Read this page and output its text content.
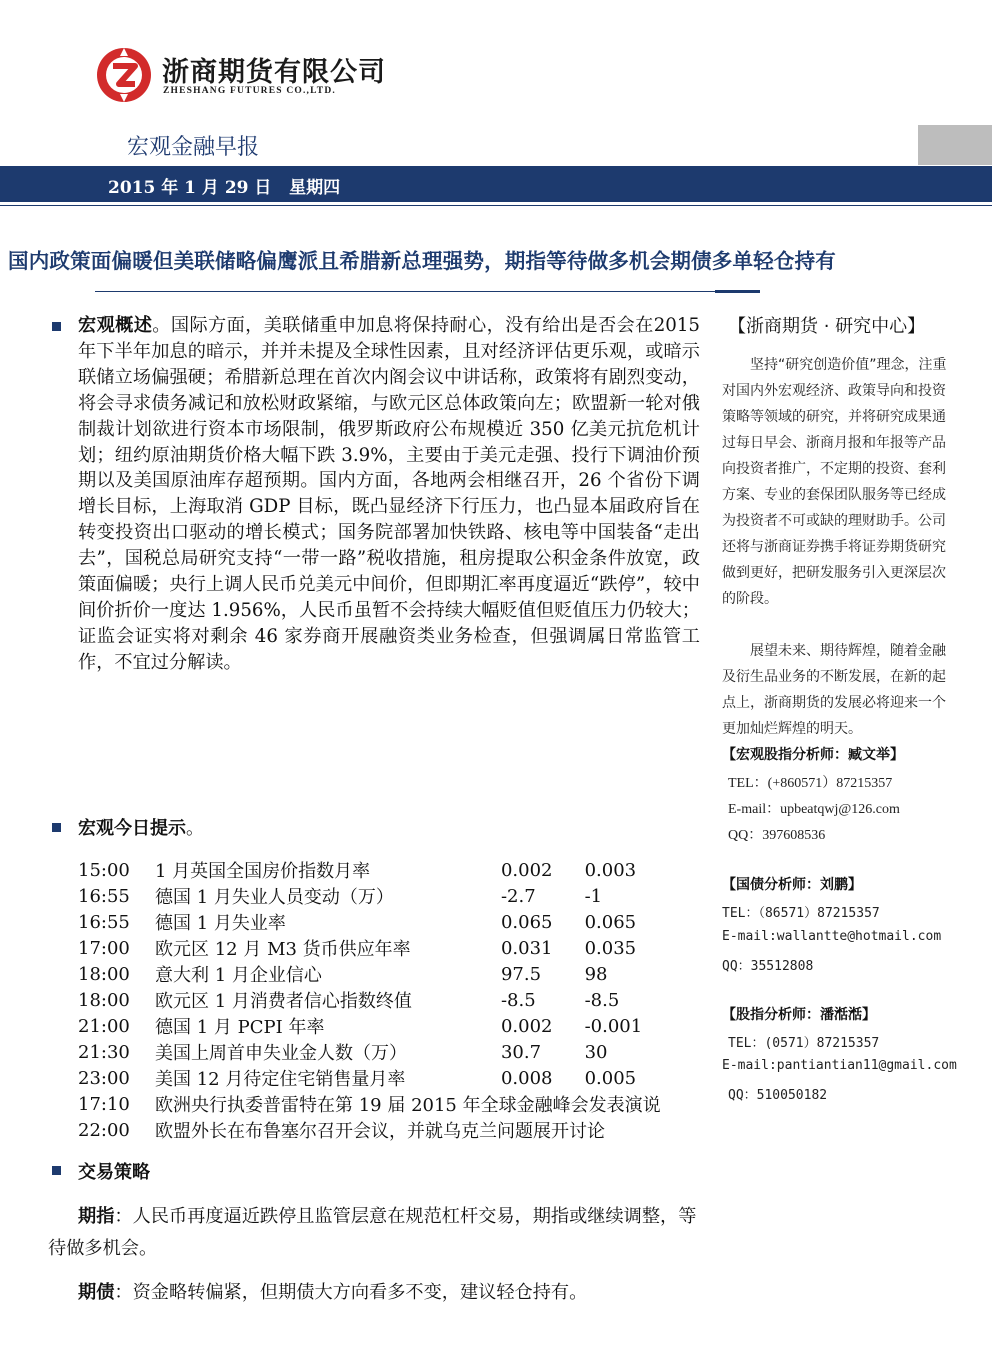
浙商期货有限公司
ZHESHANG FUTURES CO.,LTD.
宏观金融早报
2015 年 1 月 29 日   星期四
国内政策面偏暖但美联储略偏鹰派且希腊新总理强势，期指等待做多机会期债多单轻仓持有
宏观概述。国际方面，美联储重申加息将保持耐心，没有给出是否会在2015 年下半年加息的暗示，并并未提及全球性因素，且对经济评估更乐观，或暗示联储立场偏强硬；希腊新总理在首次内阁会议中讲话称，政策将有剧烈变动，将会寻求债务减记和放松财政紧缩，与欧元区总体政策向左；欧盟新一轮对俄制裁计划欲进行资本市场限制，俄罗斯政府公布规模近 350 亿美元抗危机计划；纽约原油期货价格大幅下跌 3.9%，主要由于美元走强、投行下调油价预期以及美国原油库存超预期。国内方面，各地两会相继召开，26 个省份下调增长目标，上海取消 GDP 目标，既凸显经济下行压力，也凸显本届政府旨在转变投资出口驱动的增长模式；国务院部署加快铁路、核电等中国装备“走出去”，国税总局研究支持“一带一路”税收措施，租房提取公积金条件放宽，政策面偏暖；央行上调人民币兑美元中间价，但即期汇率再度逼近“跌停”，较中间价折价一度达 1.956%，人民币虽暂不会持续大幅贬值但贬值压力仍较大；证监会证实将对剩余 46 家券商开展融资类业务检查，但强调属日常监管工作，不宜过分解读。
宏观今日提示。
15:00	1 月英国全国房价指数月率	0.002	0.003
16:55	德国 1 月失业人员变动（万）	-2.7	-1
16:55	德国 1 月失业率	0.065	0.065
17:00	欧元区 12 月 M3 货币供应年率	0.031	0.035
18:00	意大利 1 月企业信心	97.5	98
18:00	欧元区 1 月消费者信心指数终值	-8.5	-8.5
21:00	德国 1 月 PCPI 年率	0.002	-0.001
21:30	美国上周首申失业金人数（万）	30.7	30
23:00	美国 12 月待定住宅销售量月率	0.008	0.005
17:10	欧洲央行执委普雷特在第 19 届 2015 年全球金融峰会发表演说		
22:00	欧盟外长在布鲁塞尔召开会议，并就乌克兰问题展开讨论		
交易策略
期指：人民币再度逼近跌停且监管层意在规范杠杆交易，期指或继续调整，等待做多机会。
期债：资金略转偏紧，但期债大方向看多不变，建议轻仓持有。
【浙商期货 · 研究中心】
坚持“研究创造价值”理念，注重对国内外宏观经济、政策导向和投资策略等领域的研究，并将研究成果通过每日早会、浙商月报和年报等产品向投资者推广，不定期的投资、套利方案、专业的套保团队服务等已经成为投资者不可或缺的理财助手。公司还将与浙商证券携手将证券期货研究做到更好，把研发服务引入更深层次的阶段。
展望未来、期待辉煌，随着金融及衍生品业务的不断发展，在新的起点上，浙商期货的发展必将迎来一个更加灿烂辉煌的明天。
【宏观股指分析师：臧文举】
TEL：(+860571）87215357
E-mail：upbeatqwj@126.com
QQ：397608536
【国债分析师：刘鹏】
TEL：（86571）87215357
E-mail:wallantte@hotmail.com
QQ：35512808
【股指分析师：潘湉湉】
TEL：(0571）87215357
E-mail:pantiantian11@gmail.com
QQ：510050182
